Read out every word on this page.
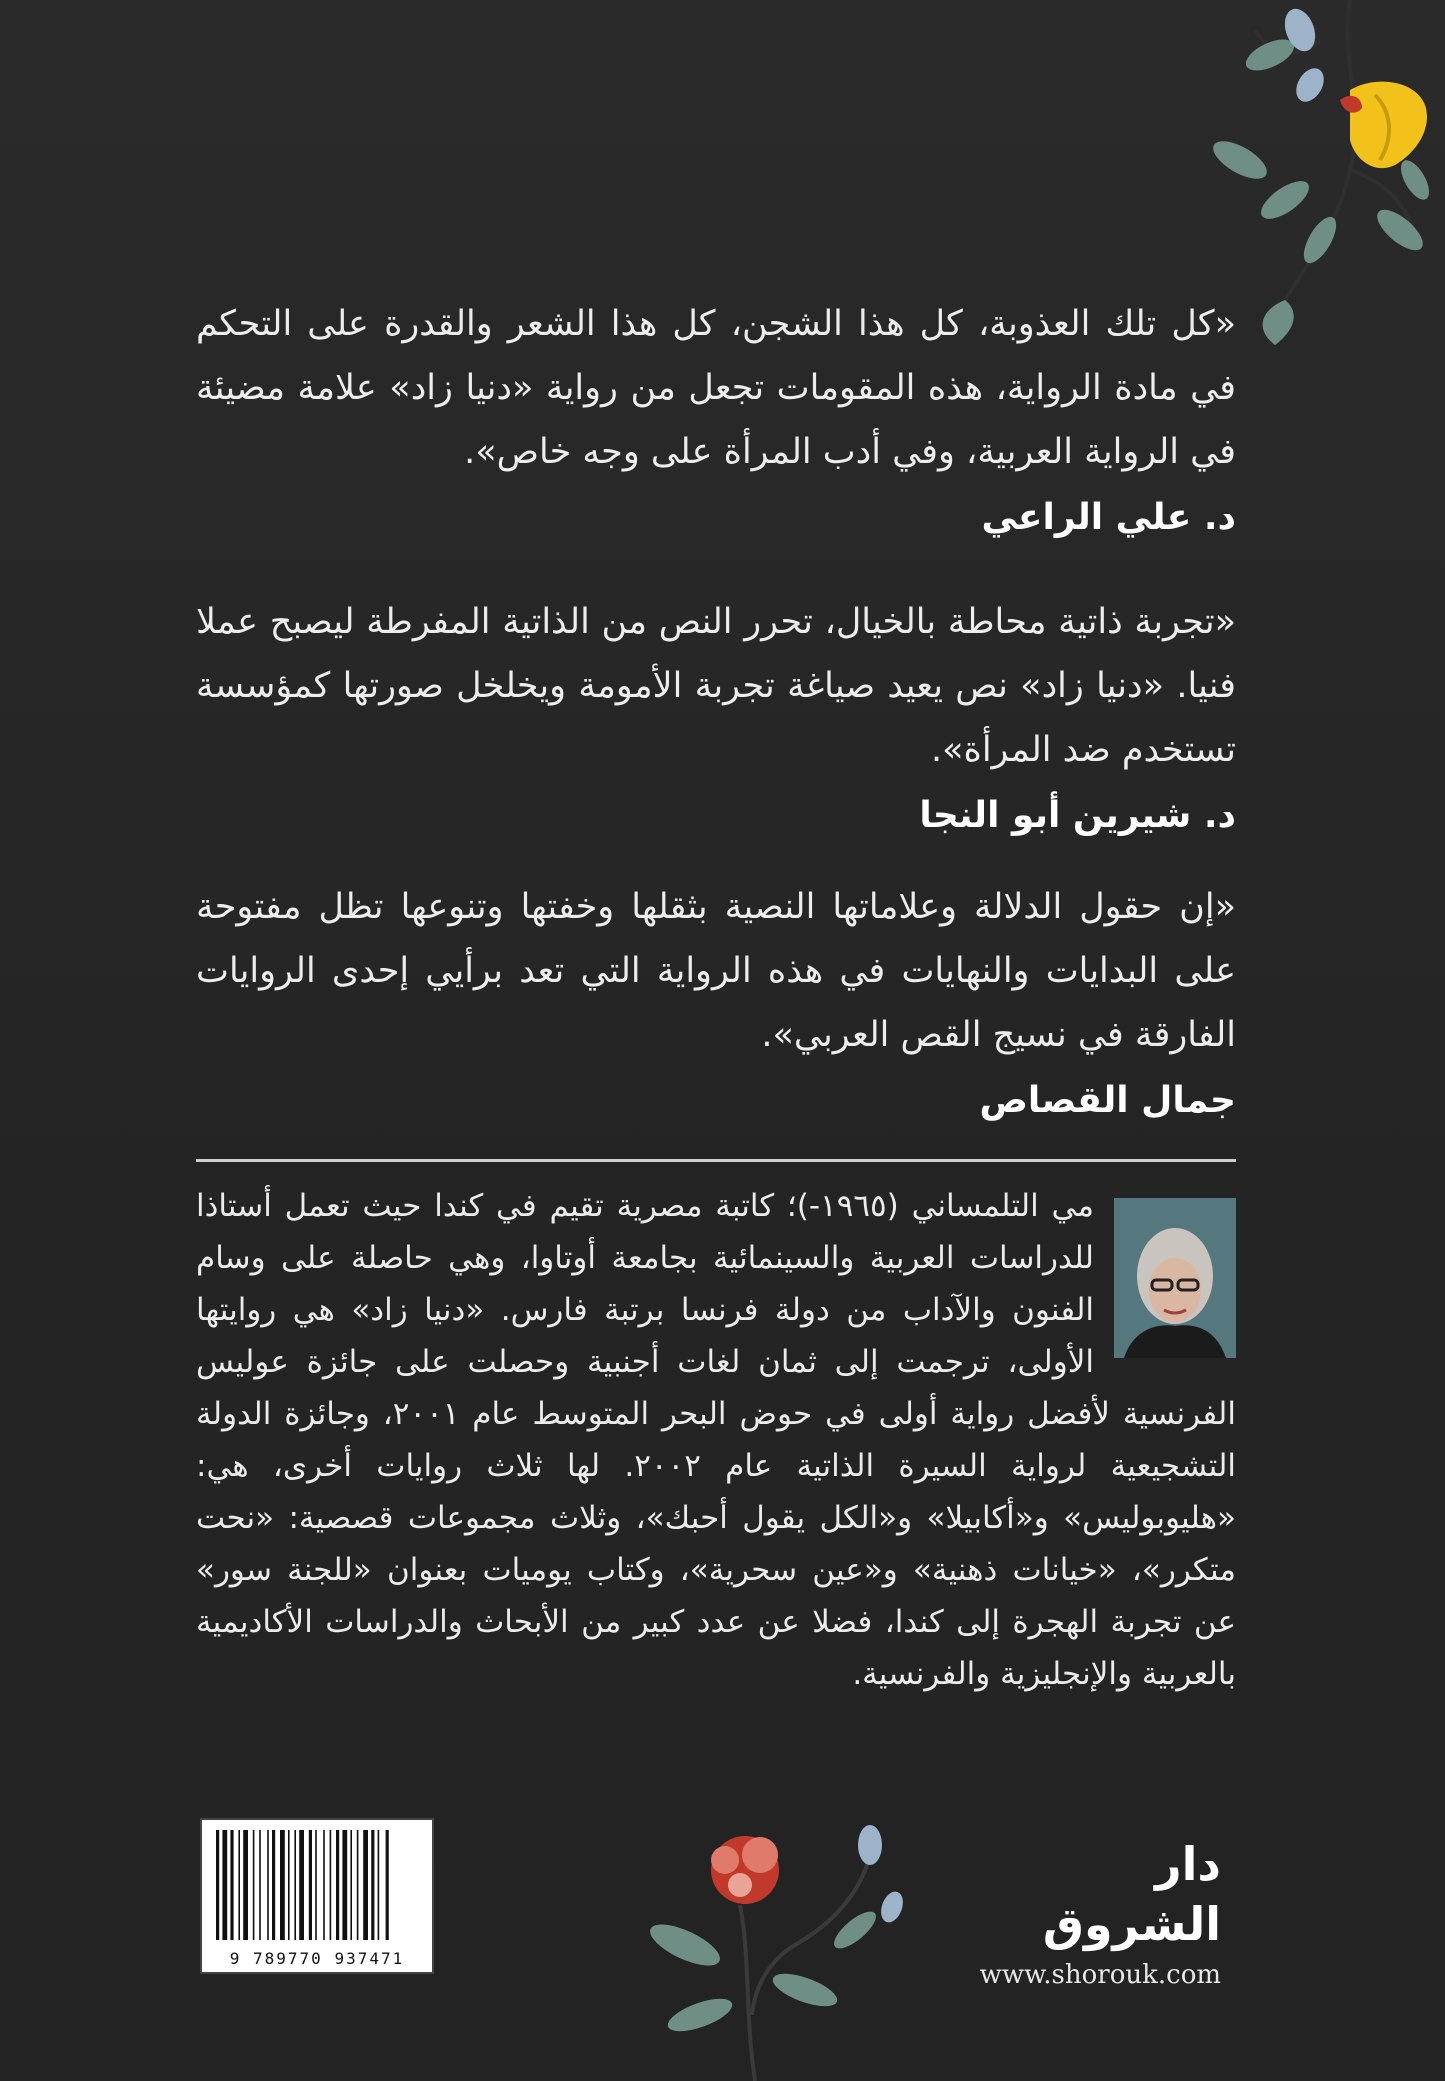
«كل تلك العذوبة، كل هذا الشجن، كل هذا الشعر والقدرة على التحكم في مادة الرواية، هذه المقومات تجعل من رواية «دنيا زاد» علامة مضيئة في الرواية العربية، وفي أدب المرأة على وجه خاص».

د. علي الراعي

«تجربة ذاتية محاطة بالخيال، تحرر النص من الذاتية المفرطة ليصبح عملا فنيا. «دنيا زاد» نص يعيد صياغة تجربة الأمومة ويخلخل صورتها كمؤسسة تستخدم ضد المرأة».

د. شيرين أبو النجا

«إن حقول الدلالة وعلاماتها النصية بثقلها وخفتها وتنوعها تظل مفتوحة على البدايات والنهايات في هذه الرواية التي تعد برأيي إحدى الروايات الفارقة في نسيج القص العربي».

جمال القصاص

مي التلمساني (١٩٦٥-)؛ كاتبة مصرية تقيم في كندا حيث تعمل أستاذا للدراسات العربية والسينمائية بجامعة أوتاوا، وهي حاصلة على وسام الفنون والآداب من دولة فرنسا برتبة فارس. «دنيا زاد» هي روايتها الأولى، ترجمت إلى ثمان لغات أجنبية وحصلت على جائزة عوليس الفرنسية لأفضل رواية أولى في حوض البحر المتوسط عام ٢٠٠١، وجائزة الدولة التشجيعية لرواية السيرة الذاتية عام ٢٠٠٢. لها ثلاث روايات أخرى، هي: «هليوبوليس» و«أكابيلا» و«الكل يقول أحبك»، وثلاث مجموعات قصصية: «نحت متكرر»، «خيانات ذهنية» و«عين سحرية»، وكتاب يوميات بعنوان «للجنة سور» عن تجربة الهجرة إلى كندا، فضلا عن عدد كبير من الأبحاث والدراسات الأكاديمية بالعربية والإنجليزية والفرنسية.

9 789770 937471
دار الشروق
www.shorouk.com
